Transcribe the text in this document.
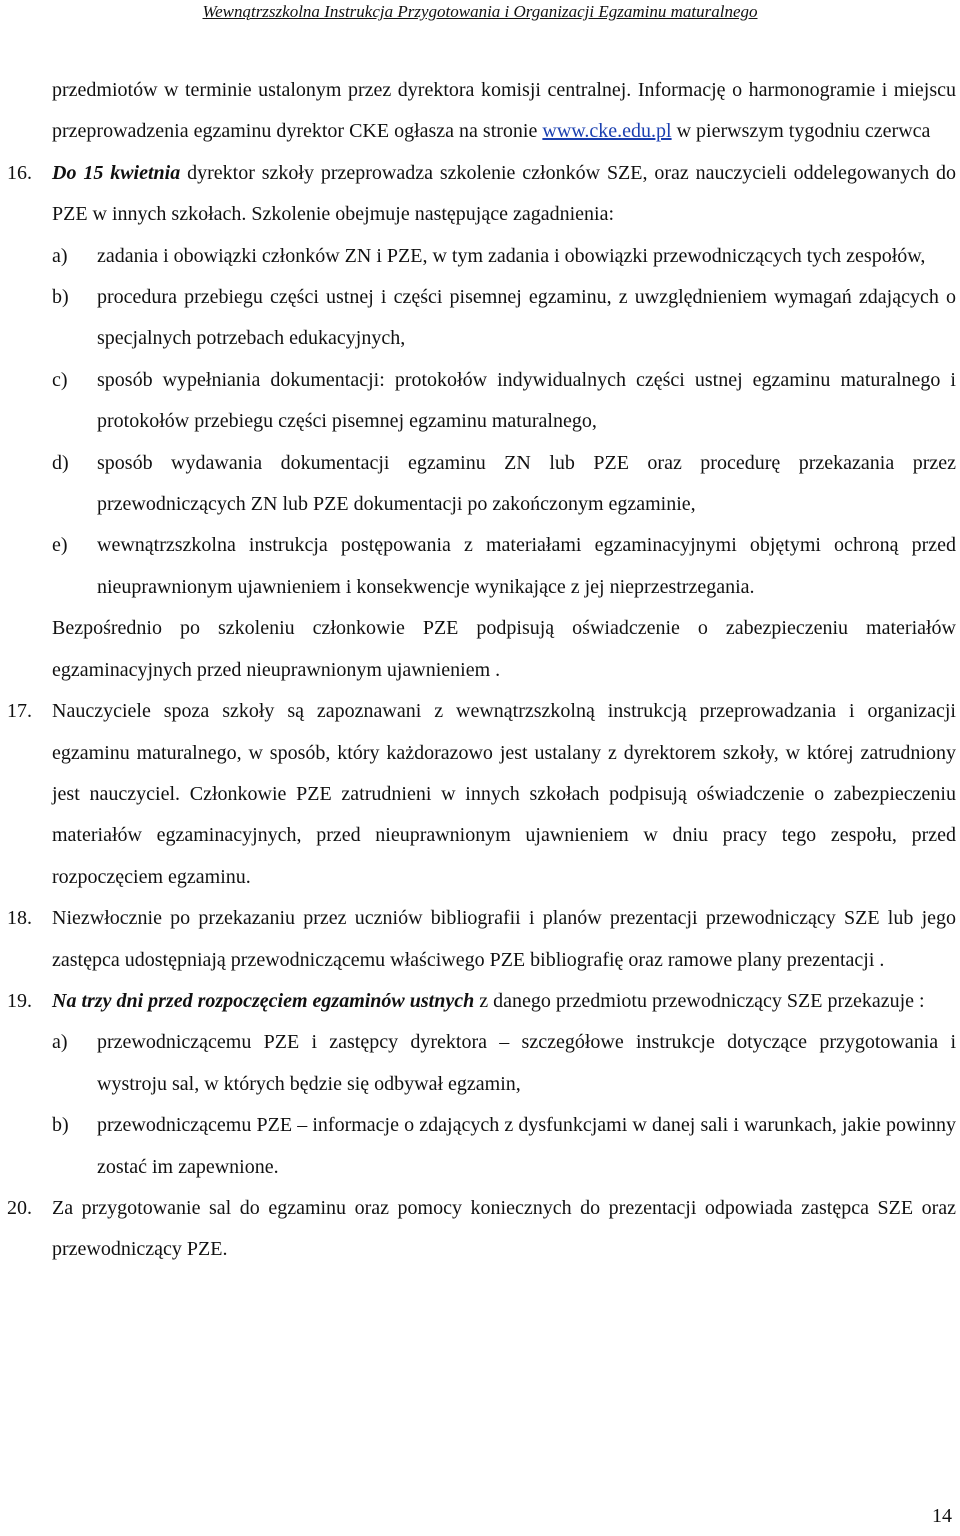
Wewnątrzszkolna Instrukcja Przygotowania i Organizacji Egzaminu maturalnego
przedmiotów w terminie ustalonym przez dyrektora komisji centralnej. Informację o harmonogramie i miejscu przeprowadzenia egzaminu dyrektor CKE ogłasza na stronie www.cke.edu.pl w pierwszym tygodniu czerwca
16. Do 15 kwietnia dyrektor szkoły przeprowadza szkolenie członków SZE, oraz nauczycieli oddelegowanych do PZE w innych szkołach. Szkolenie obejmuje następujące zagadnienia:
a) zadania i obowiązki członków ZN i PZE, w tym zadania i obowiązki przewodniczących tych zespołów,
b) procedura przebiegu części ustnej i części pisemnej egzaminu, z uwzględnieniem wymagań zdających o specjalnych potrzebach edukacyjnych,
c) sposób wypełniania dokumentacji: protokołów indywidualnych części ustnej egzaminu maturalnego i protokołów przebiegu części pisemnej egzaminu maturalnego,
d) sposób wydawania dokumentacji egzaminu ZN lub PZE oraz procedurę przekazania przez przewodniczących ZN lub PZE dokumentacji po zakończonym egzaminie,
e) wewnątrzszkolna instrukcja postępowania z materiałami egzaminacyjnymi objętymi ochroną przed nieuprawnionym ujawnieniem i konsekwencje wynikające z jej nieprzestrzegania.
Bezpośrednio po szkoleniu członkowie PZE podpisują oświadczenie o zabezpieczeniu materiałów egzaminacyjnych przed nieuprawnionym ujawnieniem .
17. Nauczyciele spoza szkoły są zapoznawani z wewnątrzszkolną instrukcją przeprowadzania i organizacji egzaminu maturalnego, w sposób, który każdorazowo jest ustalany z dyrektorem szkoły, w której zatrudniony jest nauczyciel. Członkowie PZE zatrudnieni w innych szkołach podpisują oświadczenie o zabezpieczeniu materiałów egzaminacyjnych, przed nieuprawnionym ujawnieniem w dniu pracy tego zespołu, przed rozpoczęciem egzaminu.
18. Niezwłocznie po przekazaniu przez uczniów bibliografii i planów prezentacji przewodniczący SZE lub jego zastępca udostępniają przewodniczącemu właściwego PZE bibliografię oraz ramowe plany prezentacji .
19. Na trzy dni przed rozpoczęciem egzaminów ustnych z danego przedmiotu przewodniczący SZE przekazuje :
a) przewodniczącemu PZE i zastępcy dyrektora – szczegółowe instrukcje dotyczące przygotowania i wystroju sal, w których będzie się odbywał egzamin,
b) przewodniczącemu PZE – informacje o zdających z dysfunkcjami w danej sali i warunkach, jakie powinny zostać im zapewnione.
20. Za przygotowanie sal do egzaminu oraz pomocy koniecznych do prezentacji odpowiada zastępca SZE oraz przewodniczący PZE.
14
